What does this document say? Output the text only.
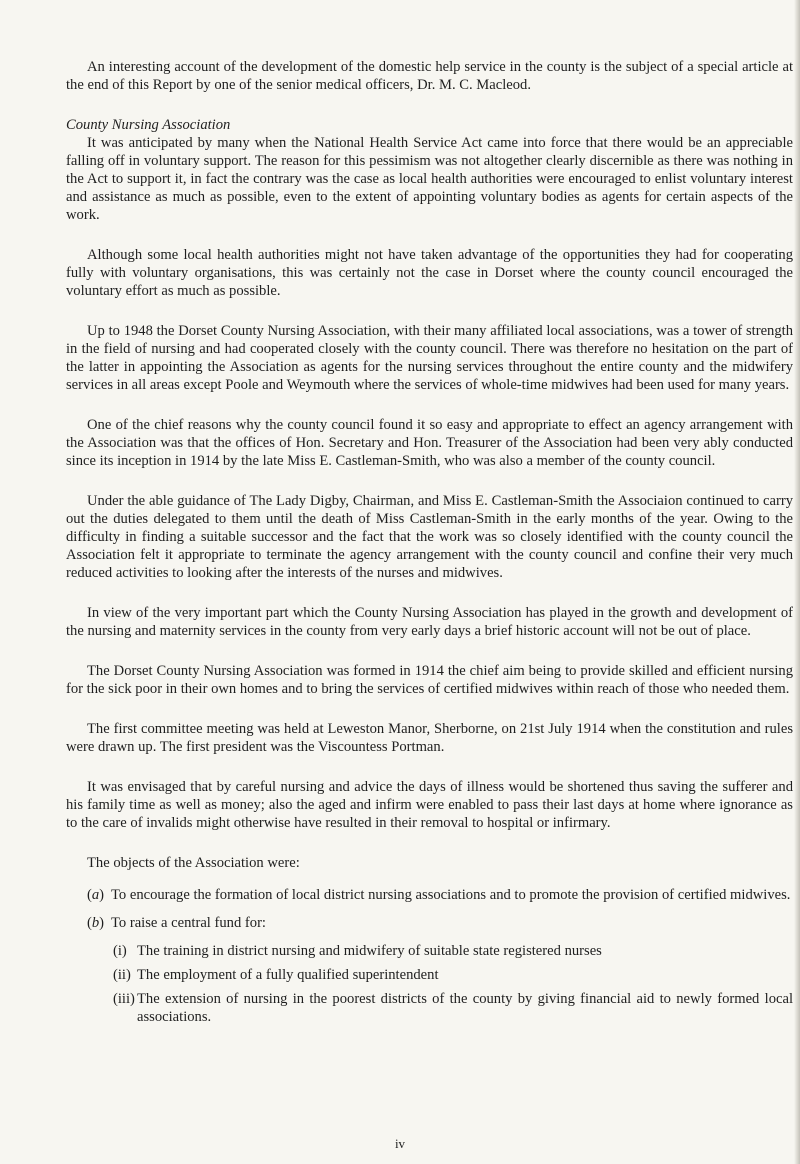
An interesting account of the development of the domestic help service in the county is the subject of a special article at the end of this Report by one of the senior medical officers, Dr. M. C. Macleod.

County Nursing Association

It was anticipated by many when the National Health Service Act came into force that there would be an appreciable falling off in voluntary support. The reason for this pessimism was not altogether clearly discernible as there was nothing in the Act to support it, in fact the contrary was the case as local health authorities were encouraged to enlist voluntary interest and assistance as much as possible, even to the extent of appointing voluntary bodies as agents for certain aspects of the work.

Although some local health authorities might not have taken advantage of the opportunities they had for cooperating fully with voluntary organisations, this was certainly not the case in Dorset where the county council encouraged the voluntary effort as much as possible.

Up to 1948 the Dorset County Nursing Association, with their many affiliated local associations, was a tower of strength in the field of nursing and had cooperated closely with the county council. There was therefore no hesitation on the part of the latter in appointing the Association as agents for the nursing services throughout the entire county and the midwifery services in all areas except Poole and Weymouth where the services of whole-time midwives had been used for many years.

One of the chief reasons why the county council found it so easy and appropriate to effect an agency arrangement with the Association was that the offices of Hon. Secretary and Hon. Treasurer of the Association had been very ably conducted since its inception in 1914 by the late Miss E. Castleman-Smith, who was also a member of the county council.

Under the able guidance of The Lady Digby, Chairman, and Miss E. Castleman-Smith the Associaion continued to carry out the duties delegated to them until the death of Miss Castleman-Smith in the early months of the year. Owing to the difficulty in finding a suitable successor and the fact that the work was so closely identified with the county council the Association felt it appropriate to terminate the agency arrangement with the county council and confine their very much reduced activities to looking after the interests of the nurses and midwives.

In view of the very important part which the County Nursing Association has played in the growth and development of the nursing and maternity services in the county from very early days a brief historic account will not be out of place.

The Dorset County Nursing Association was formed in 1914 the chief aim being to provide skilled and efficient nursing for the sick poor in their own homes and to bring the services of certified midwives within reach of those who needed them.

The first committee meeting was held at Leweston Manor, Sherborne, on 21st July 1914 when the constitution and rules were drawn up. The first president was the Viscountess Portman.

It was envisaged that by careful nursing and advice the days of illness would be shortened thus saving the sufferer and his family time as well as money; also the aged and infirm were enabled to pass their last days at home where ignorance as to the care of invalids might otherwise have resulted in their removal to hospital or infirmary.

The objects of the Association were:

(a) To encourage the formation of local district nursing associations and to promote the provision of certified midwives.

(b) To raise a central fund for:

(i) The training in district nursing and midwifery of suitable state registered nurses

(ii) The employment of a fully qualified superintendent

(iii) The extension of nursing in the poorest districts of the county by giving financial aid to newly formed local associations.

iv
